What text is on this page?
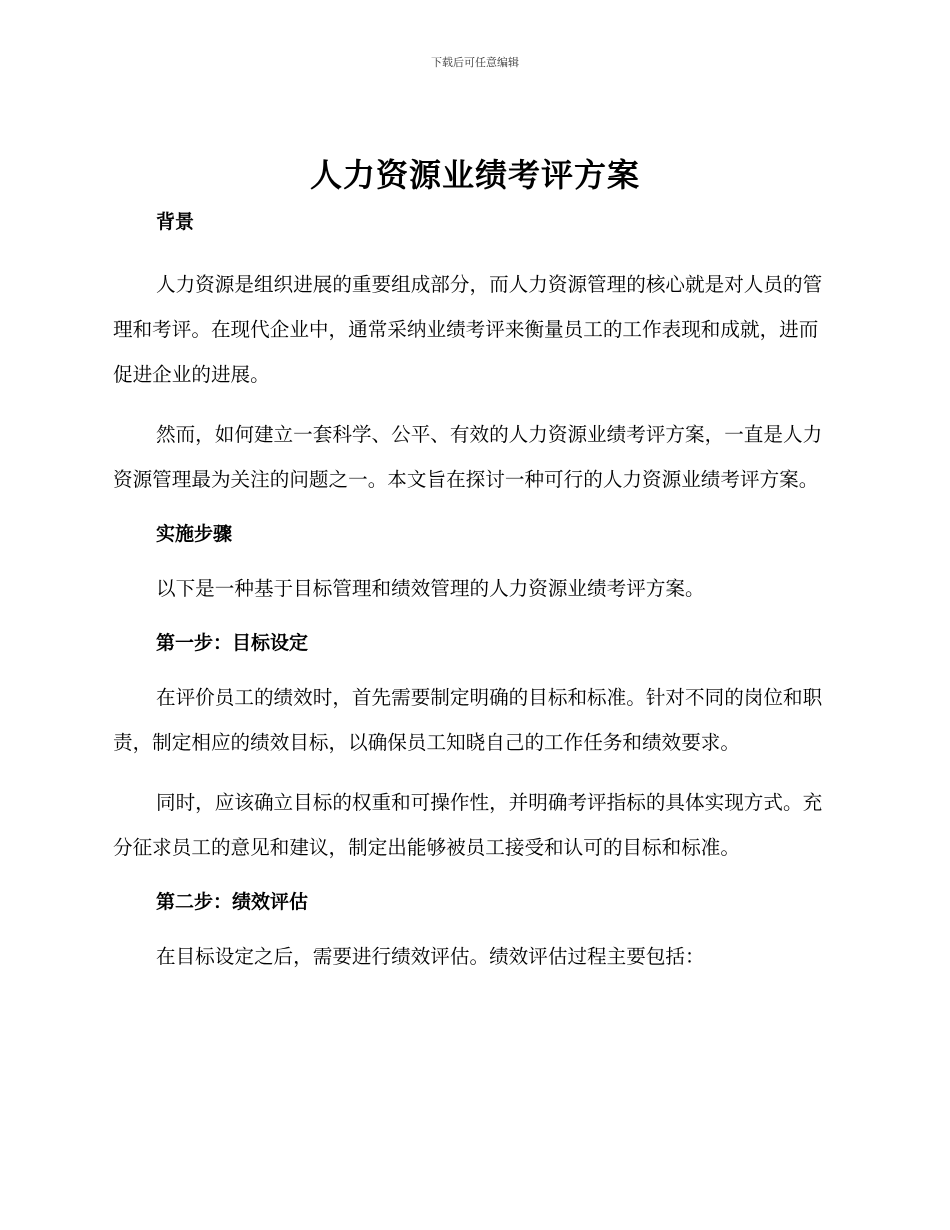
下载后可任意编辑
人力资源业绩考评方案

背景

人力资源是组织进展的重要组成部分，而人力资源管理的核心就是对人员的管理和考评。在现代企业中，通常采纳业绩考评来衡量员工的工作表现和成就，进而促进企业的进展。

然而，如何建立一套科学、公平、有效的人力资源业绩考评方案，一直是人力资源管理最为关注的问题之一。本文旨在探讨一种可行的人力资源业绩考评方案。

实施步骤

以下是一种基于目标管理和绩效管理的人力资源业绩考评方案。

第一步：目标设定

在评价员工的绩效时，首先需要制定明确的目标和标准。针对不同的岗位和职责，制定相应的绩效目标，以确保员工知晓自己的工作任务和绩效要求。

同时，应该确立目标的权重和可操作性，并明确考评指标的具体实现方式。充分征求员工的意见和建议，制定出能够被员工接受和认可的目标和标准。

第二步：绩效评估

在目标设定之后，需要进行绩效评估。绩效评估过程主要包括：
